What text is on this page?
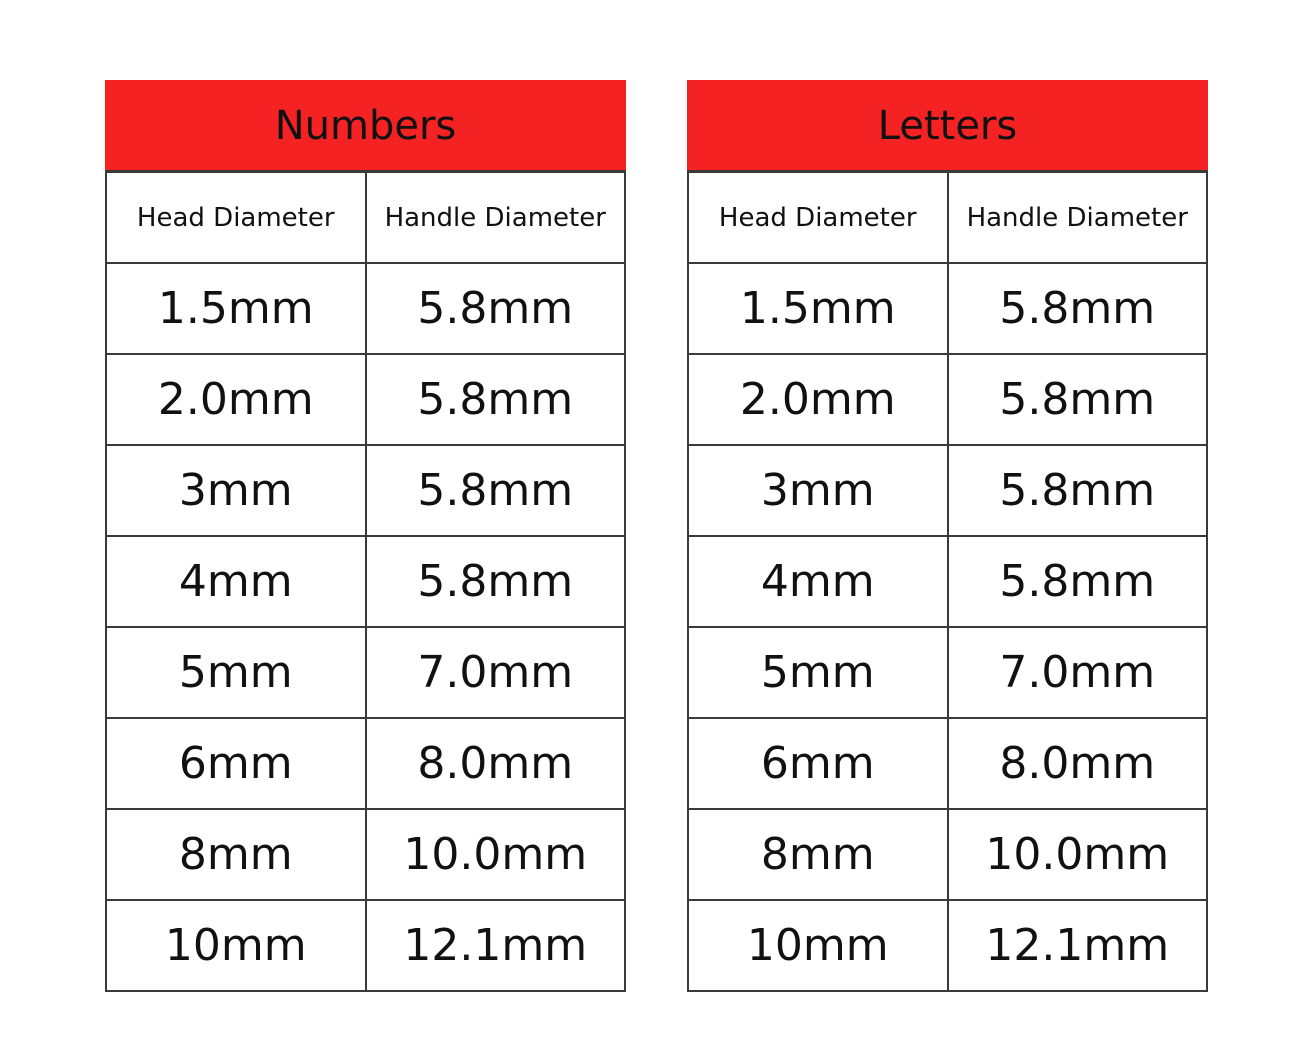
Numbers	
Head Diameter	Handle Diameter
1.5mm	5.8mm
2.0mm	5.8mm
3mm	5.8mm
4mm	5.8mm
5mm	7.0mm
6mm	8.0mm
8mm	10.0mm
10mm	12.1mm
Letters	
Head Diameter	Handle Diameter
1.5mm	5.8mm
2.0mm	5.8mm
3mm	5.8mm
4mm	5.8mm
5mm	7.0mm
6mm	8.0mm
8mm	10.0mm
10mm	12.1mm
